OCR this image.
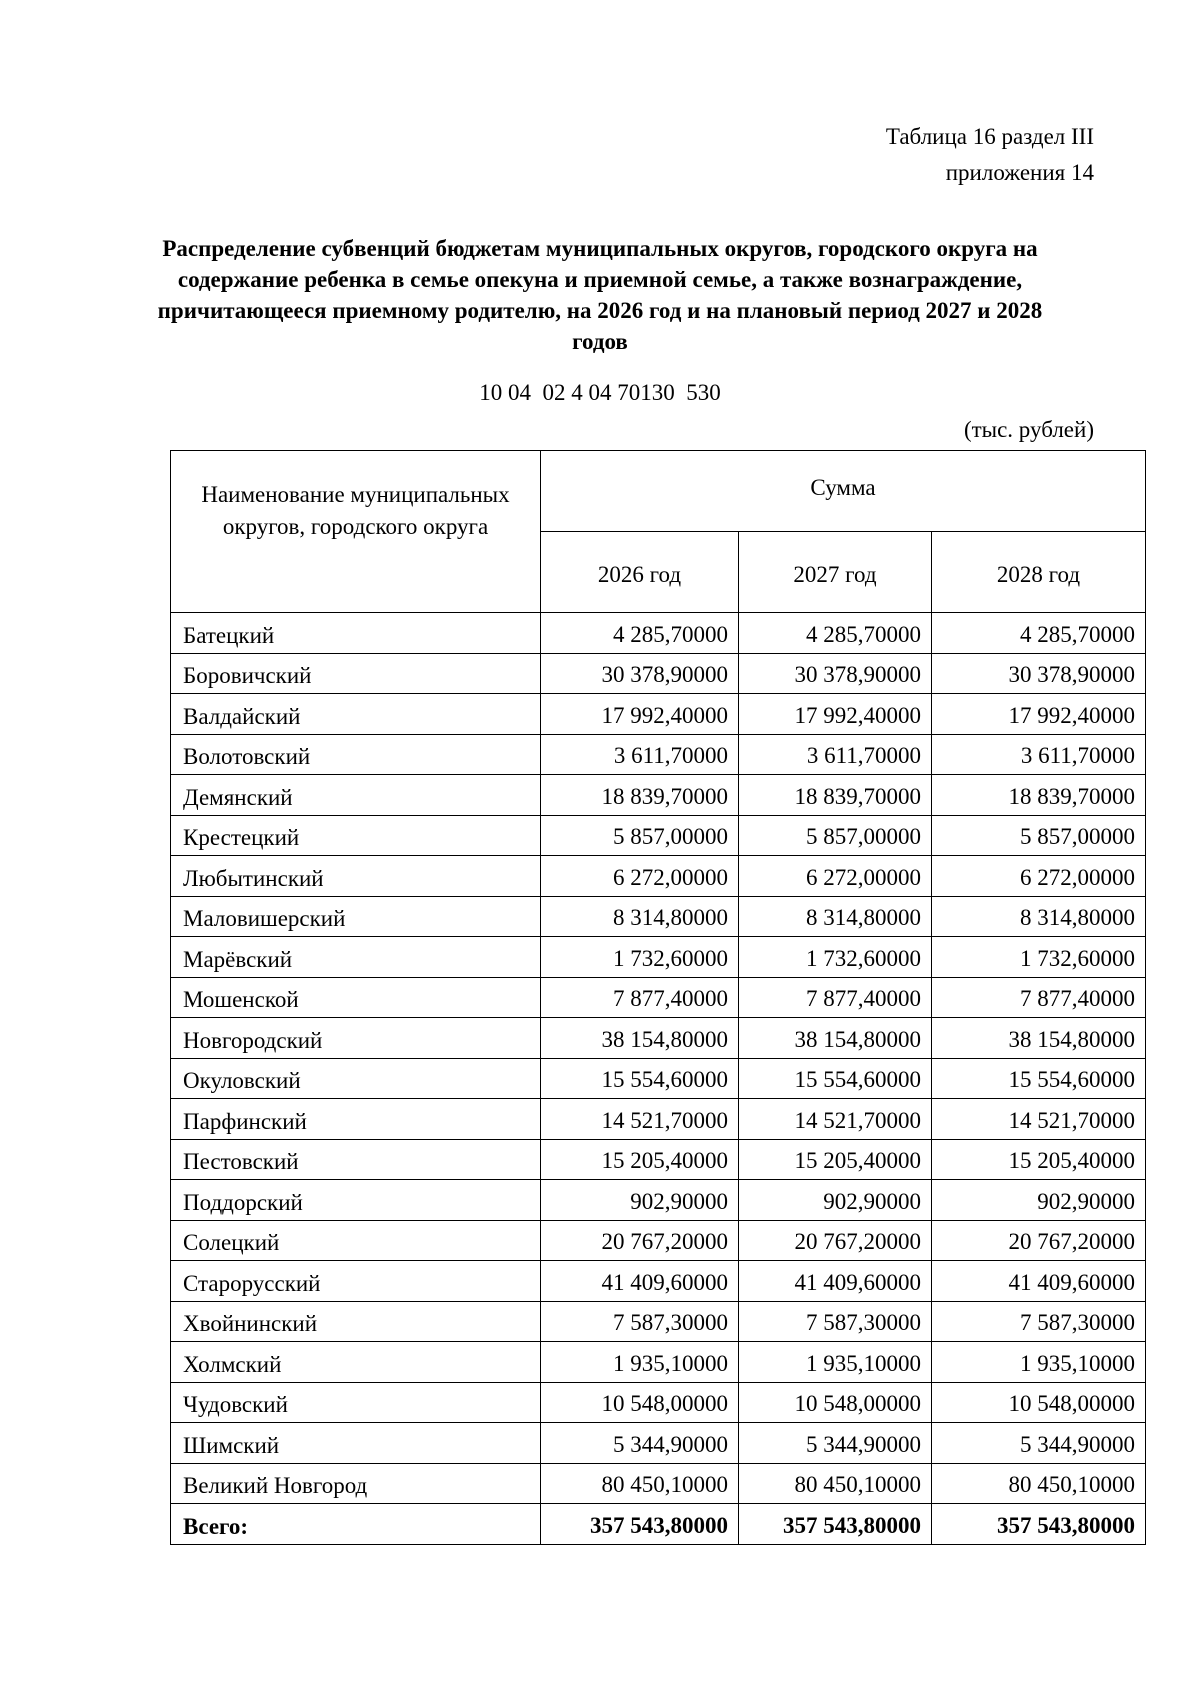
Таблица 16 раздел III
приложения 14
Распределение субвенций бюджетам муниципальных округов, городского округа на содержание ребенка в семье опекуна и приемной семье, а также вознаграждение, причитающееся приемному родителю, на 2026 год и на плановый период 2027 и 2028 годов
10 04  02 4 04 70130  530
(тыс. рублей)
Наименование муниципальных округов, городского округа	Сумма		
	2026 год	2027 год	2028 год
Батецкий	4 285,70000	4 285,70000	4 285,70000
Боровичский	30 378,90000	30 378,90000	30 378,90000
Валдайский	17 992,40000	17 992,40000	17 992,40000
Волотовский	3 611,70000	3 611,70000	3 611,70000
Демянский	18 839,70000	18 839,70000	18 839,70000
Крестецкий	5 857,00000	5 857,00000	5 857,00000
Любытинский	6 272,00000	6 272,00000	6 272,00000
Маловишерский	8 314,80000	8 314,80000	8 314,80000
Марёвский	1 732,60000	1 732,60000	1 732,60000
Мошенской	7 877,40000	7 877,40000	7 877,40000
Новгородский	38 154,80000	38 154,80000	38 154,80000
Окуловский	15 554,60000	15 554,60000	15 554,60000
Парфинский	14 521,70000	14 521,70000	14 521,70000
Пестовский	15 205,40000	15 205,40000	15 205,40000
Поддорский	902,90000	902,90000	902,90000
Солецкий	20 767,20000	20 767,20000	20 767,20000
Старорусский	41 409,60000	41 409,60000	41 409,60000
Хвойнинский	7 587,30000	7 587,30000	7 587,30000
Холмский	1 935,10000	1 935,10000	1 935,10000
Чудовский	10 548,00000	10 548,00000	10 548,00000
Шимский	5 344,90000	5 344,90000	5 344,90000
Великий Новгород	80 450,10000	80 450,10000	80 450,10000
Всего:	357 543,80000	357 543,80000	357 543,80000
